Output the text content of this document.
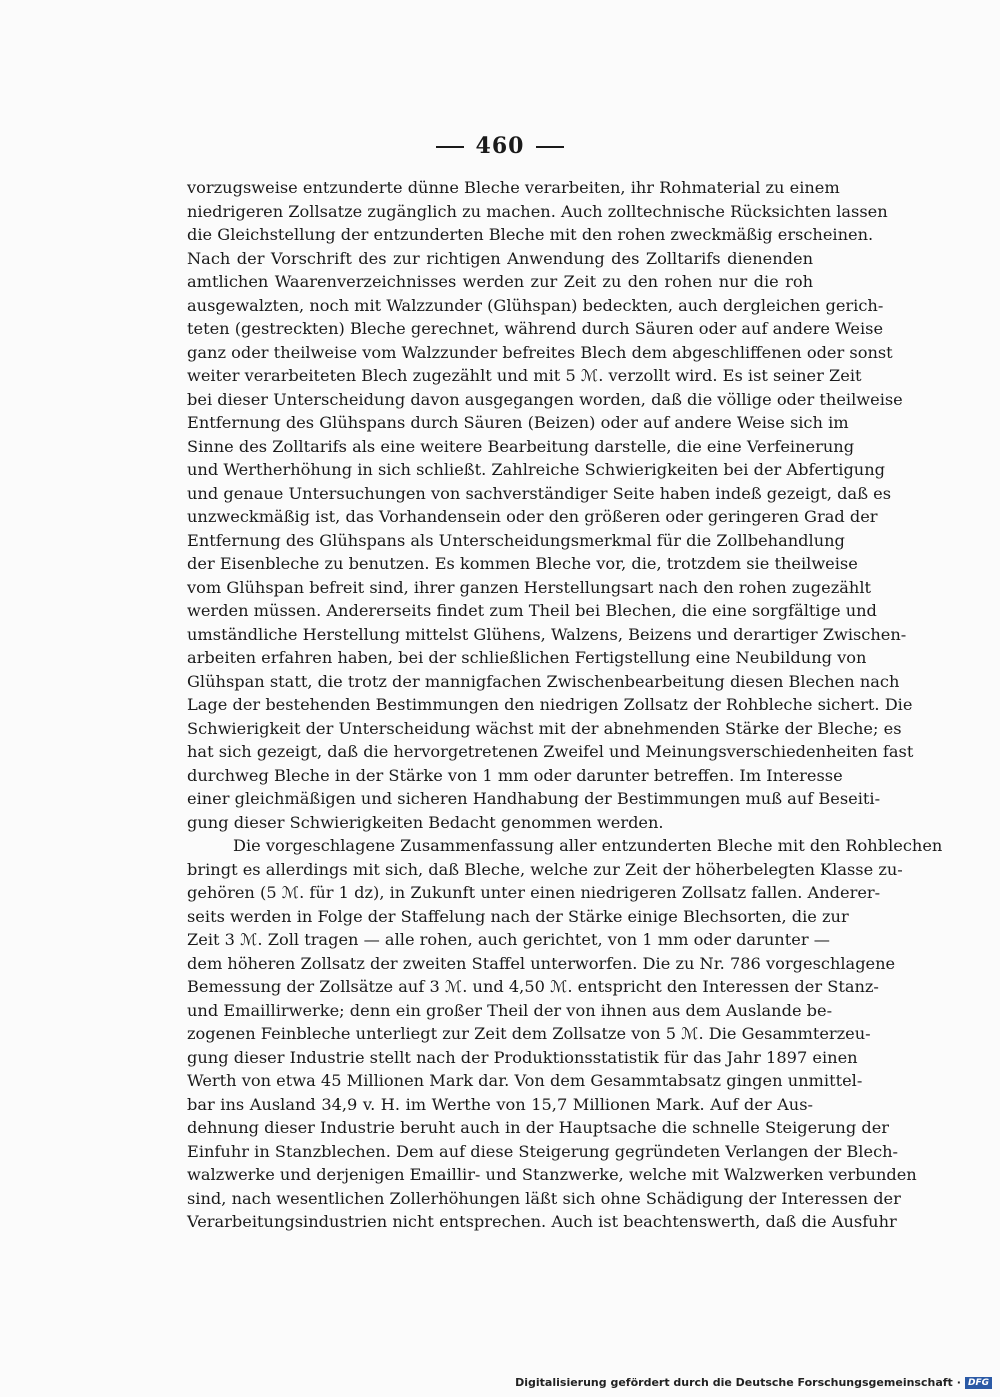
460
vorzugsweise entzunderte dünne Bleche verarbeiten, ihr Rohmaterial zu einem
niedrigeren Zollsatze zugänglich zu machen. Auch zolltechnische Rücksichten lassen
die Gleichstellung der entzunderten Bleche mit den rohen zweckmäßig erscheinen.
Nach der Vorschrift des zur richtigen Anwendung des Zolltarifs dienenden
amtlichen Waarenverzeichnisses werden zur Zeit zu den rohen nur die roh
ausgewalzten, noch mit Walzzunder (Glühspan) bedeckten, auch dergleichen gerich-
teten (gestreckten) Bleche gerechnet, während durch Säuren oder auf andere Weise
ganz oder theilweise vom Walzzunder befreites Blech dem abgeschliffenen oder sonst
weiter verarbeiteten Blech zugezählt und mit 5 ℳ. verzollt wird. Es ist seiner Zeit
bei dieser Unterscheidung davon ausgegangen worden, daß die völlige oder theilweise
Entfernung des Glühspans durch Säuren (Beizen) oder auf andere Weise sich im
Sinne des Zolltarifs als eine weitere Bearbeitung darstelle, die eine Verfeinerung
und Wertherhöhung in sich schließt. Zahlreiche Schwierigkeiten bei der Abfertigung
und genaue Untersuchungen von sachverständiger Seite haben indeß gezeigt, daß es
unzweckmäßig ist, das Vorhandensein oder den größeren oder geringeren Grad der
Entfernung des Glühspans als Unterscheidungsmerkmal für die Zollbehandlung
der Eisenbleche zu benutzen. Es kommen Bleche vor, die, trotzdem sie theilweise
vom Glühspan befreit sind, ihrer ganzen Herstellungsart nach den rohen zugezählt
werden müssen. Andererseits findet zum Theil bei Blechen, die eine sorgfältige und
umständliche Herstellung mittelst Glühens, Walzens, Beizens und derartiger Zwischen-
arbeiten erfahren haben, bei der schließlichen Fertigstellung eine Neubildung von
Glühspan statt, die trotz der mannigfachen Zwischenbearbeitung diesen Blechen nach
Lage der bestehenden Bestimmungen den niedrigen Zollsatz der Rohbleche sichert. Die
Schwierigkeit der Unterscheidung wächst mit der abnehmenden Stärke der Bleche; es
hat sich gezeigt, daß die hervorgetretenen Zweifel und Meinungsverschiedenheiten fast
durchweg Bleche in der Stärke von 1 mm oder darunter betreffen. Im Interesse
einer gleichmäßigen und sicheren Handhabung der Bestimmungen muß auf Beseiti-
gung dieser Schwierigkeiten Bedacht genommen werden.
Die vorgeschlagene Zusammenfassung aller entzunderten Bleche mit den Rohblechen
bringt es allerdings mit sich, daß Bleche, welche zur Zeit der höherbelegten Klasse zu-
gehören (5 ℳ. für 1 dz), in Zukunft unter einen niedrigeren Zollsatz fallen. Anderer-
seits werden in Folge der Staffelung nach der Stärke einige Blechsorten, die zur
Zeit 3 ℳ. Zoll tragen — alle rohen, auch gerichtet, von 1 mm oder darunter —
dem höheren Zollsatz der zweiten Staffel unterworfen. Die zu Nr. 786 vorgeschlagene
Bemessung der Zollsätze auf 3 ℳ. und 4,50 ℳ. entspricht den Interessen der Stanz-
und Emaillirwerke; denn ein großer Theil der von ihnen aus dem Auslande be-
zogenen Feinbleche unterliegt zur Zeit dem Zollsatze von 5 ℳ. Die Gesammterzeu-
gung dieser Industrie stellt nach der Produktionsstatistik für das Jahr 1897 einen
Werth von etwa 45 Millionen Mark dar. Von dem Gesammtabsatz gingen unmittel-
bar ins Ausland 34,9 v. H. im Werthe von 15,7 Millionen Mark. Auf der Aus-
dehnung dieser Industrie beruht auch in der Hauptsache die schnelle Steigerung der
Einfuhr in Stanzblechen. Dem auf diese Steigerung gegründeten Verlangen der Blech-
walzwerke und derjenigen Emaillir- und Stanzwerke, welche mit Walzwerken verbunden
sind, nach wesentlichen Zollerhöhungen läßt sich ohne Schädigung der Interessen der
Verarbeitungsindustrien nicht entsprechen. Auch ist beachtenswerth, daß die Ausfuhr
Digitalisierung gefördert durch die Deutsche Forschungsgemeinschaft · DFG
